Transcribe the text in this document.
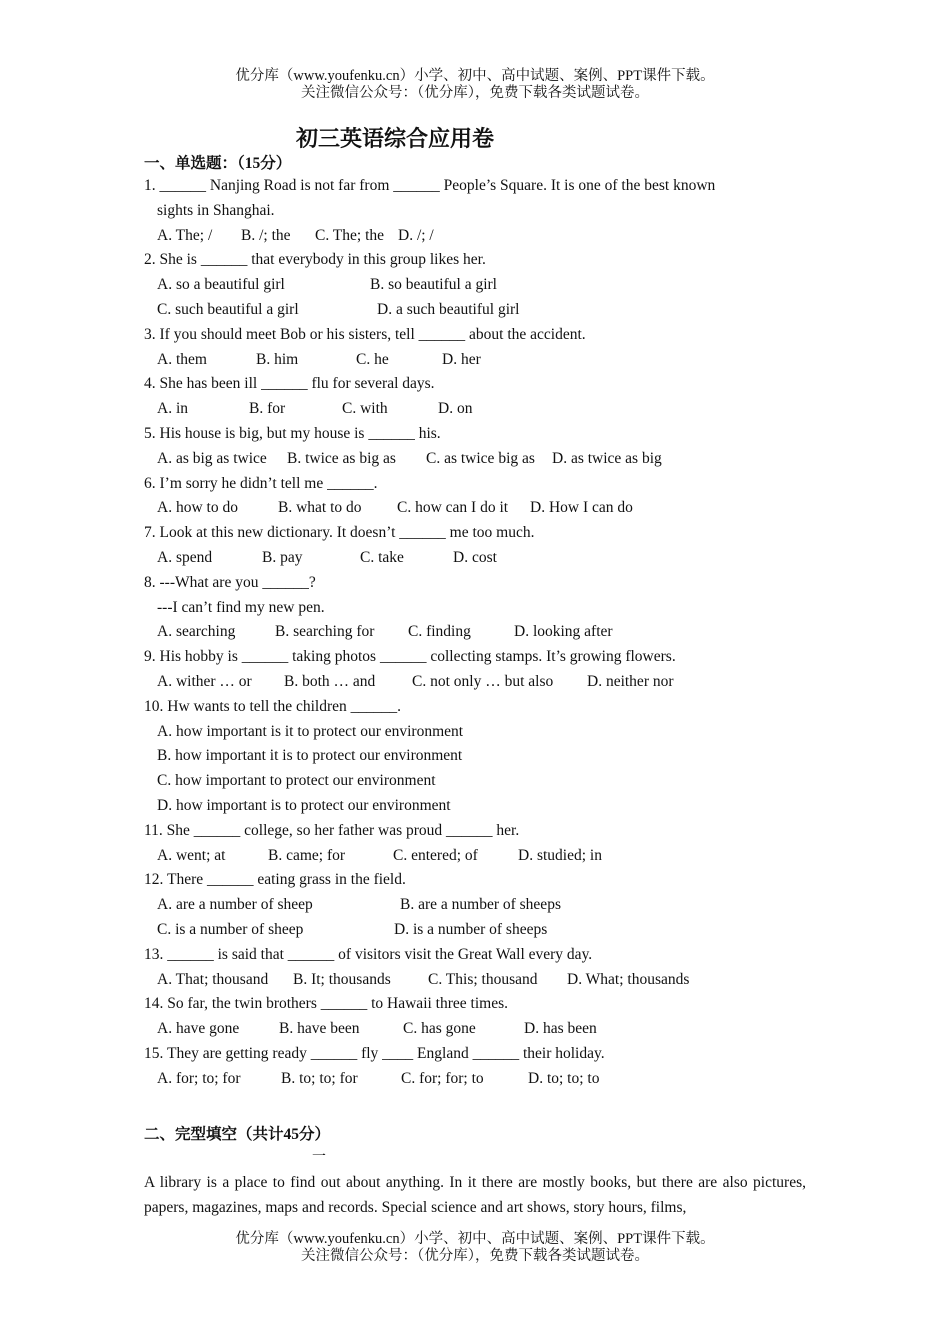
优分库（www.youfenku.cn）小学、初中、高中试题、案例、PPT课件下载。
关注微信公众号：（优分库），免费下载各类试题试卷。
初三英语综合应用卷
一、单选题：（15分）
1. ______ Nanjing Road is not far from ______ People’s Square. It is one of the best known
sights in Shanghai.
A. The; / B. /; the C. The; the D. /; /
2. She is ______ that everybody in this group likes her.
A. so a beautiful girl	B. so beautiful a girl
C. such beautiful a girl	D. a such beautiful girl
3. If you should meet Bob or his sisters, tell ______ about the accident.
A. them	B. him	C. he	D. her
4. She has been ill ______ flu for several days.
A. in	B. for	C. with	D. on
5. His house is big, but my house is ______ his.
A. as big as twice B. twice as big as C. as twice big as D. as twice as big
6. I’m sorry he didn’t tell me ______.
A. how to do	B. what to do C. how can I do it D. How I can do
7. Look at this new dictionary. It doesn’t ______ me too much.
A. spend	B. pay	C. take	D. cost
8. ---What are you ______?
---I can’t find my new pen.
A. searching	B. searching for C. finding	D. looking after
9. His hobby is ______ taking photos ______ collecting stamps. It’s growing flowers.
A. wither … or B. both … and C. not only … but also D. neither nor
10. Hw wants to tell the children ______.
A. how important is it to protect our environment
B. how important it is to protect our environment
C. how important to protect our environment
D. how important is to protect our environment
11. She ______ college, so her father was proud ______ her.
A. went; at	B. came; for	C. entered; of	D. studied; in
12. There ______ eating grass in the field.
A. are a number of sheep	B. are a number of sheeps
C. is a number of sheep	D. is a number of sheeps
13. ______ is said that ______ of visitors visit the Great Wall every day.
A. That; thousand B. It; thousands C. This; thousand D. What; thousands
14. So far, the twin brothers ______ to Hawaii three times.
A. have gone	B. have been	C. has gone	D. has been
15. They are getting ready ______ fly ____ England ______ their holiday.
A. for; to; for	B. to; to; for	C. for; for; to	D. to; to; to
二、完型填空（共计45分）
一
A library is a place to find out about anything. In it there are mostly books, but there are also pictures, papers, magazines, maps and records. Special science and art shows, story hours, films,
优分库（www.youfenku.cn）小学、初中、高中试题、案例、PPT课件下载。
关注微信公众号：（优分库），免费下载各类试题试卷。
